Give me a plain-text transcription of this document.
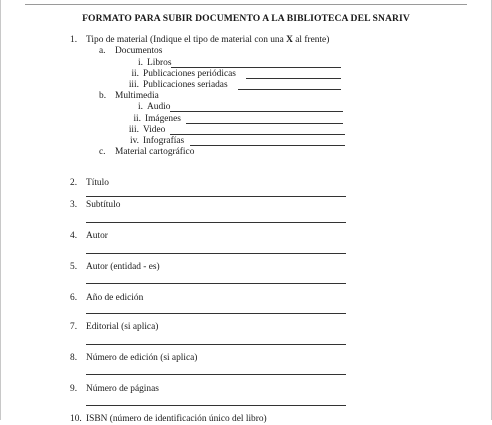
FORMATO PARA SUBIR DOCUMENTO A LA BIBLIOTECA DEL SNARIV
1. Tipo de material (Indique el tipo de material con una X al frente)
a. Documentos
i. Libros
ii. Publicaciones periódicas
iii. Publicaciones seriadas
b. Multimedia
i. Audio
ii. Imágenes
iii. Video
iv. Infografías
c. Material cartográfico
2. Título
3. Subtítulo
4. Autor
5. Autor (entidad - es)
6. Año de edición
7. Editorial (si aplica)
8. Número de edición (si aplica)
9. Número de páginas
10. ISBN (número de identificación único del libro)
